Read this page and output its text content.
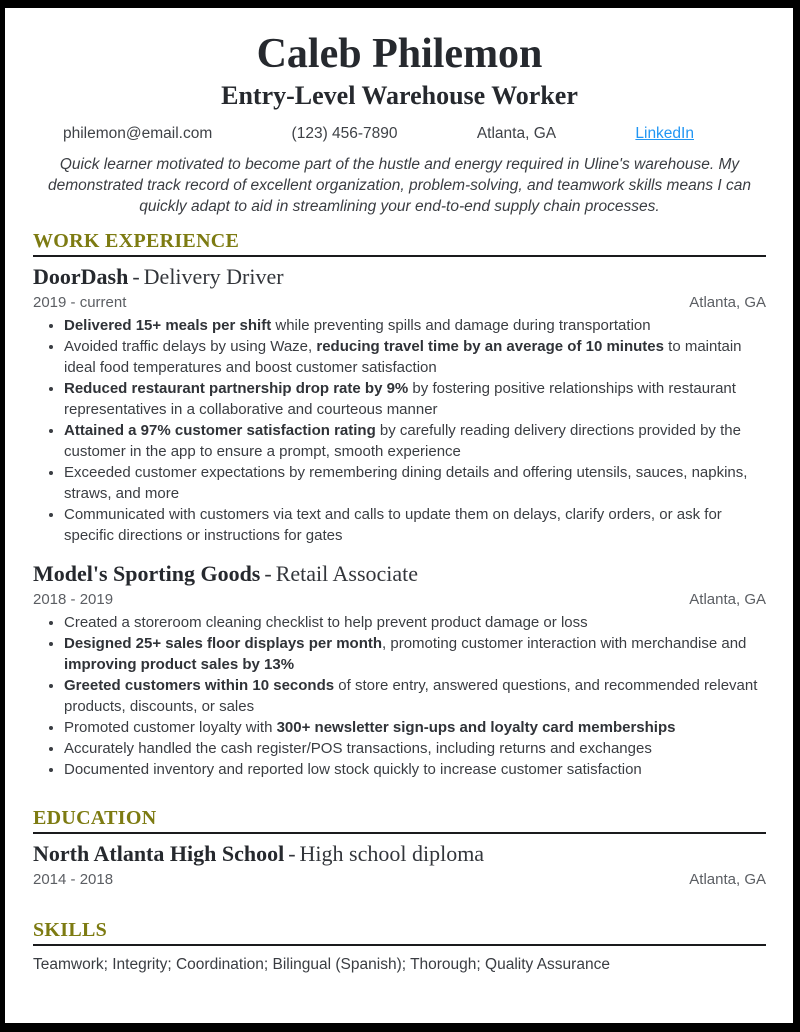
Caleb Philemon
Entry-Level Warehouse Worker
philemon@email.com	(123) 456-7890	Atlanta, GA	LinkedIn

Quick learner motivated to become part of the hustle and energy required in Uline's warehouse. My demonstrated track record of excellent organization, problem-solving, and teamwork skills means I can quickly adapt to aid in streamlining your end-to-end supply chain processes.

WORK EXPERIENCE
DoorDash - Delivery Driver
2019 - current	Atlanta, GA
• Delivered 15+ meals per shift while preventing spills and damage during transportation
• Avoided traffic delays by using Waze, reducing travel time by an average of 10 minutes to maintain ideal food temperatures and boost customer satisfaction
• Reduced restaurant partnership drop rate by 9% by fostering positive relationships with restaurant representatives in a collaborative and courteous manner
• Attained a 97% customer satisfaction rating by carefully reading delivery directions provided by the customer in the app to ensure a prompt, smooth experience
• Exceeded customer expectations by remembering dining details and offering utensils, sauces, napkins, straws, and more
• Communicated with customers via text and calls to update them on delays, clarify orders, or ask for specific directions or instructions for gates
Model's Sporting Goods - Retail Associate
2018 - 2019	Atlanta, GA
• Created a storeroom cleaning checklist to help prevent product damage or loss
• Designed 25+ sales floor displays per month, promoting customer interaction with merchandise and improving product sales by 13%
• Greeted customers within 10 seconds of store entry, answered questions, and recommended relevant products, discounts, or sales
• Promoted customer loyalty with 300+ newsletter sign-ups and loyalty card memberships
• Accurately handled the cash register/POS transactions, including returns and exchanges
• Documented inventory and reported low stock quickly to increase customer satisfaction
EDUCATION
North Atlanta High School - High school diploma
2014 - 2018	Atlanta, GA
SKILLS
Teamwork; Integrity; Coordination; Bilingual (Spanish); Thorough; Quality Assurance
